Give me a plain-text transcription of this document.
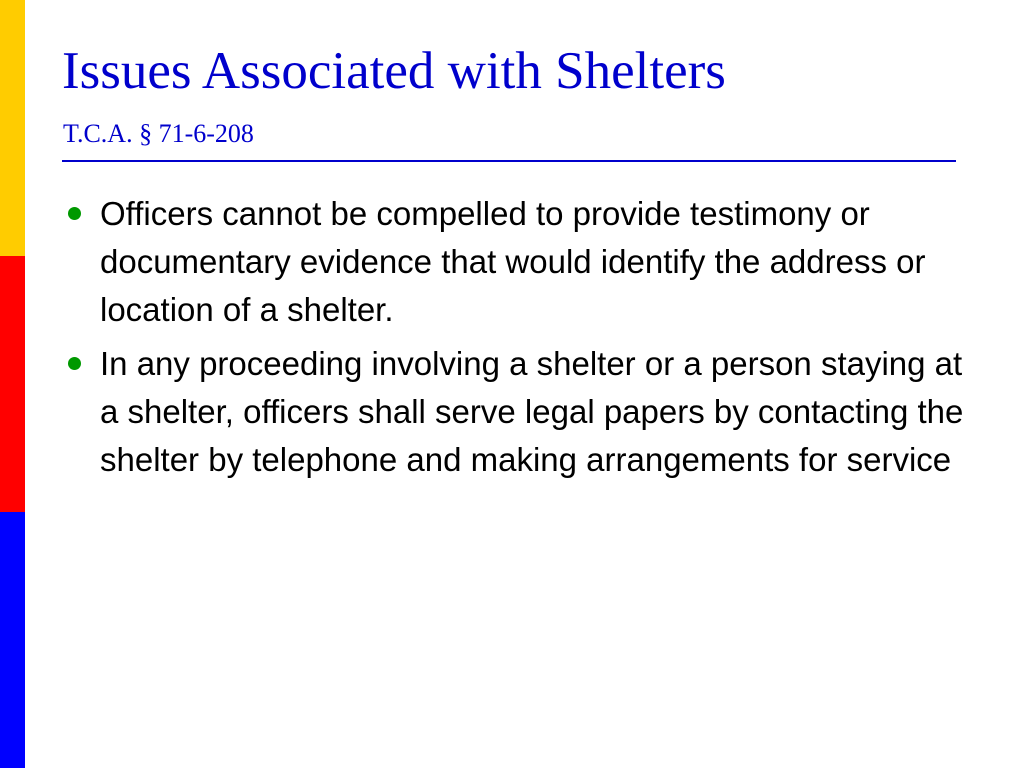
Issues Associated with Shelters
T.C.A. § 71-6-208
Officers cannot be compelled to provide testimony or documentary evidence that would identify the address or location of a shelter.
In any proceeding involving a shelter or a person staying at a shelter, officers shall serve legal papers by contacting the shelter by telephone and making arrangements for service
